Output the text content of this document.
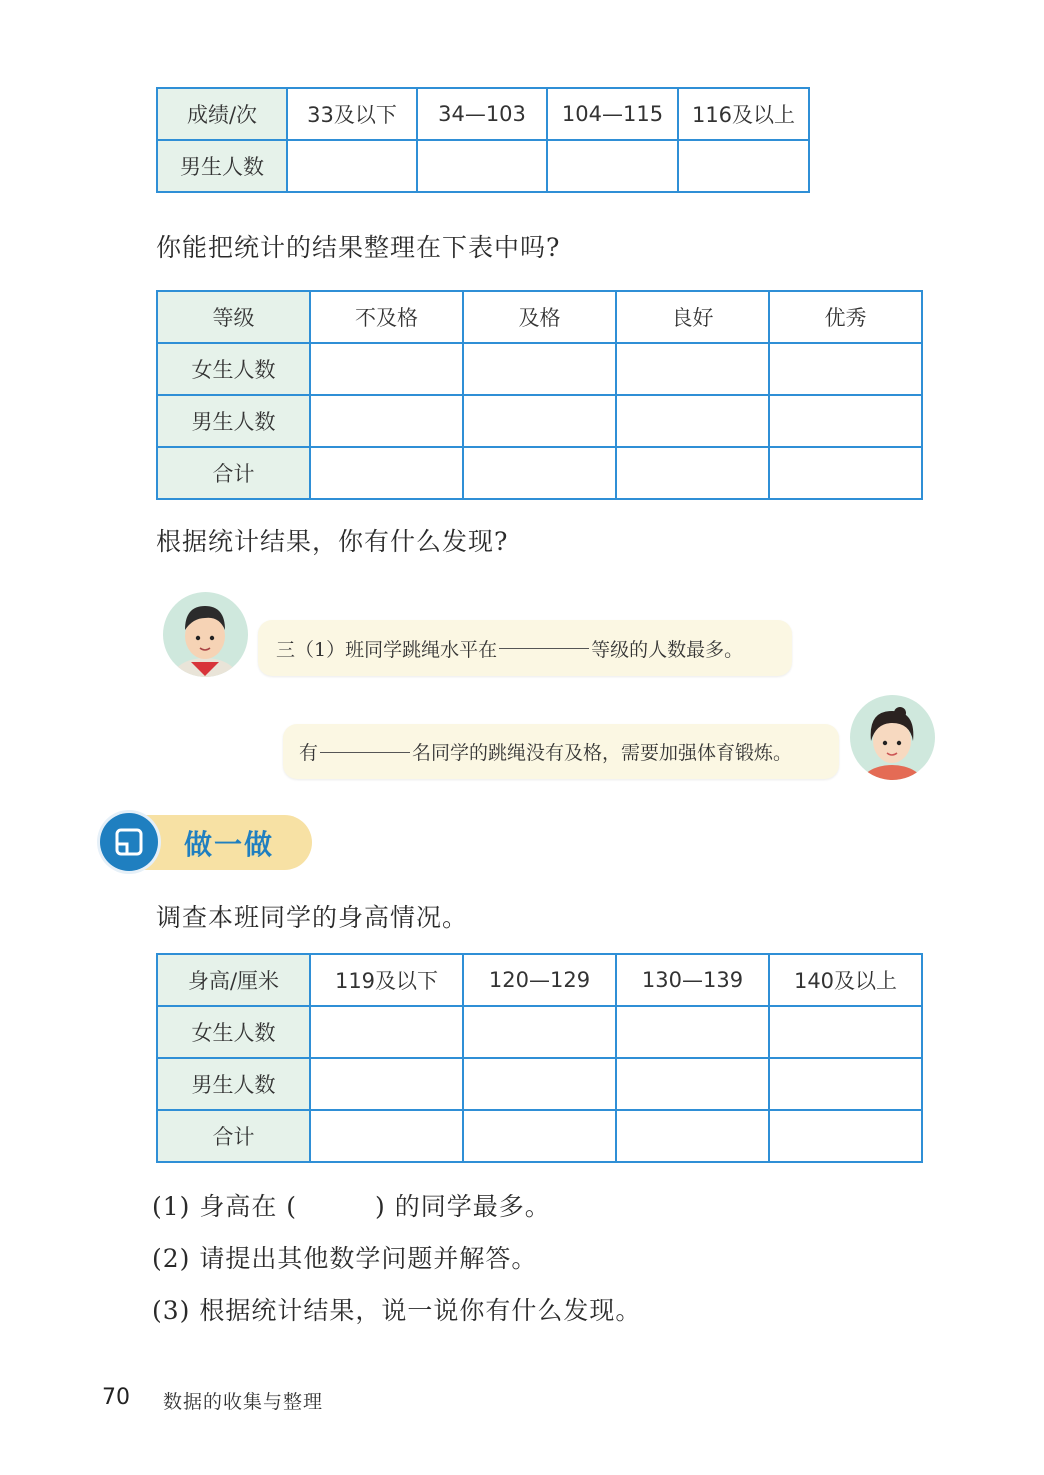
成绩/次	33及以下	34—103	104—115	116及以上
男生人数				
你能把统计的结果整理在下表中吗?
等级	不及格	及格	良好	优秀
女生人数				
男生人数				
合计				
根据统计结果，你有什么发现?
三（1）班同学跳绳水平在	等级的人数最多。
有	名同学的跳绳没有及格，需要加强体育锻炼。
做一做
调查本班同学的身高情况。
身高/厘米	119及以下	120—129	130—139	140及以上
女生人数				
男生人数				
合计				
(1) 身高在 (　　　) 的同学最多。
(2) 请提出其他数学问题并解答。
(3) 根据统计结果，说一说你有什么发现。
70 数据的收集与整理
